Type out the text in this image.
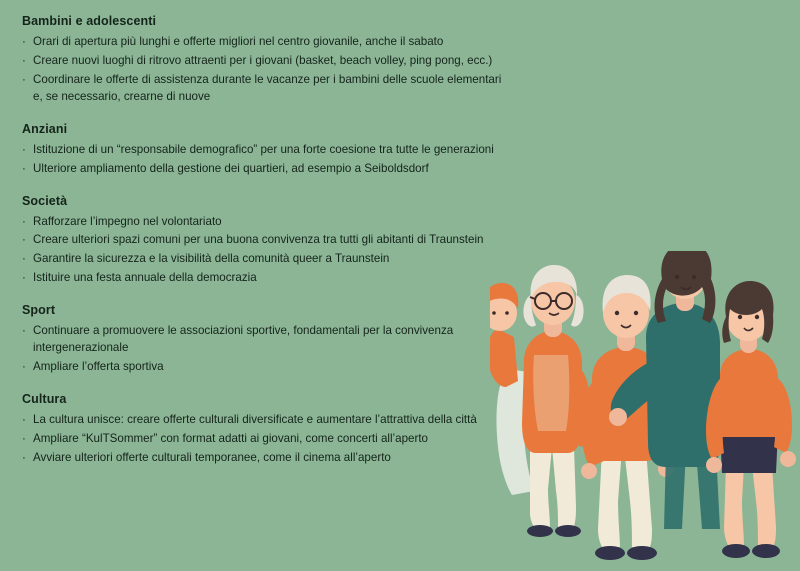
Bambini e adolescenti
· Orari di apertura più lunghi e offerte migliori nel centro giovanile, anche il sabato
· Creare nuovi luoghi di ritrovo attraenti per i giovani (basket, beach volley, ping pong, ecc.)
· Coordinare le offerte di assistenza durante le vacanze per i bambini delle scuole elementari e, se necessario, crearne di nuove
Anziani
· Istituzione di un “responsabile demografico” per una forte coesione tra tutte le generazioni
· Ulteriore ampliamento della gestione dei quartieri, ad esempio a Seiboldsdorf
Società
· Rafforzare l’impegno nel volontariato
· Creare ulteriori spazi comuni per una buona convivenza tra tutti gli abitanti di Traunstein
· Garantire la sicurezza e la visibilità della comunità queer a Traunstein
· Istituire una festa annuale della democrazia
Sport
· Continuare a promuovere le associazioni sportive, fondamentali per la convivenza intergenerazionale
· Ampliare l’offerta sportiva
Cultura
· La cultura unisce: creare offerte culturali diversificate e aumentare l’attrattiva della città
· Ampliare “KulTSommer” con format adatti ai giovani, come concerti all’aperto
· Avviare ulteriori offerte culturali temporanee, come il cinema all’aperto
